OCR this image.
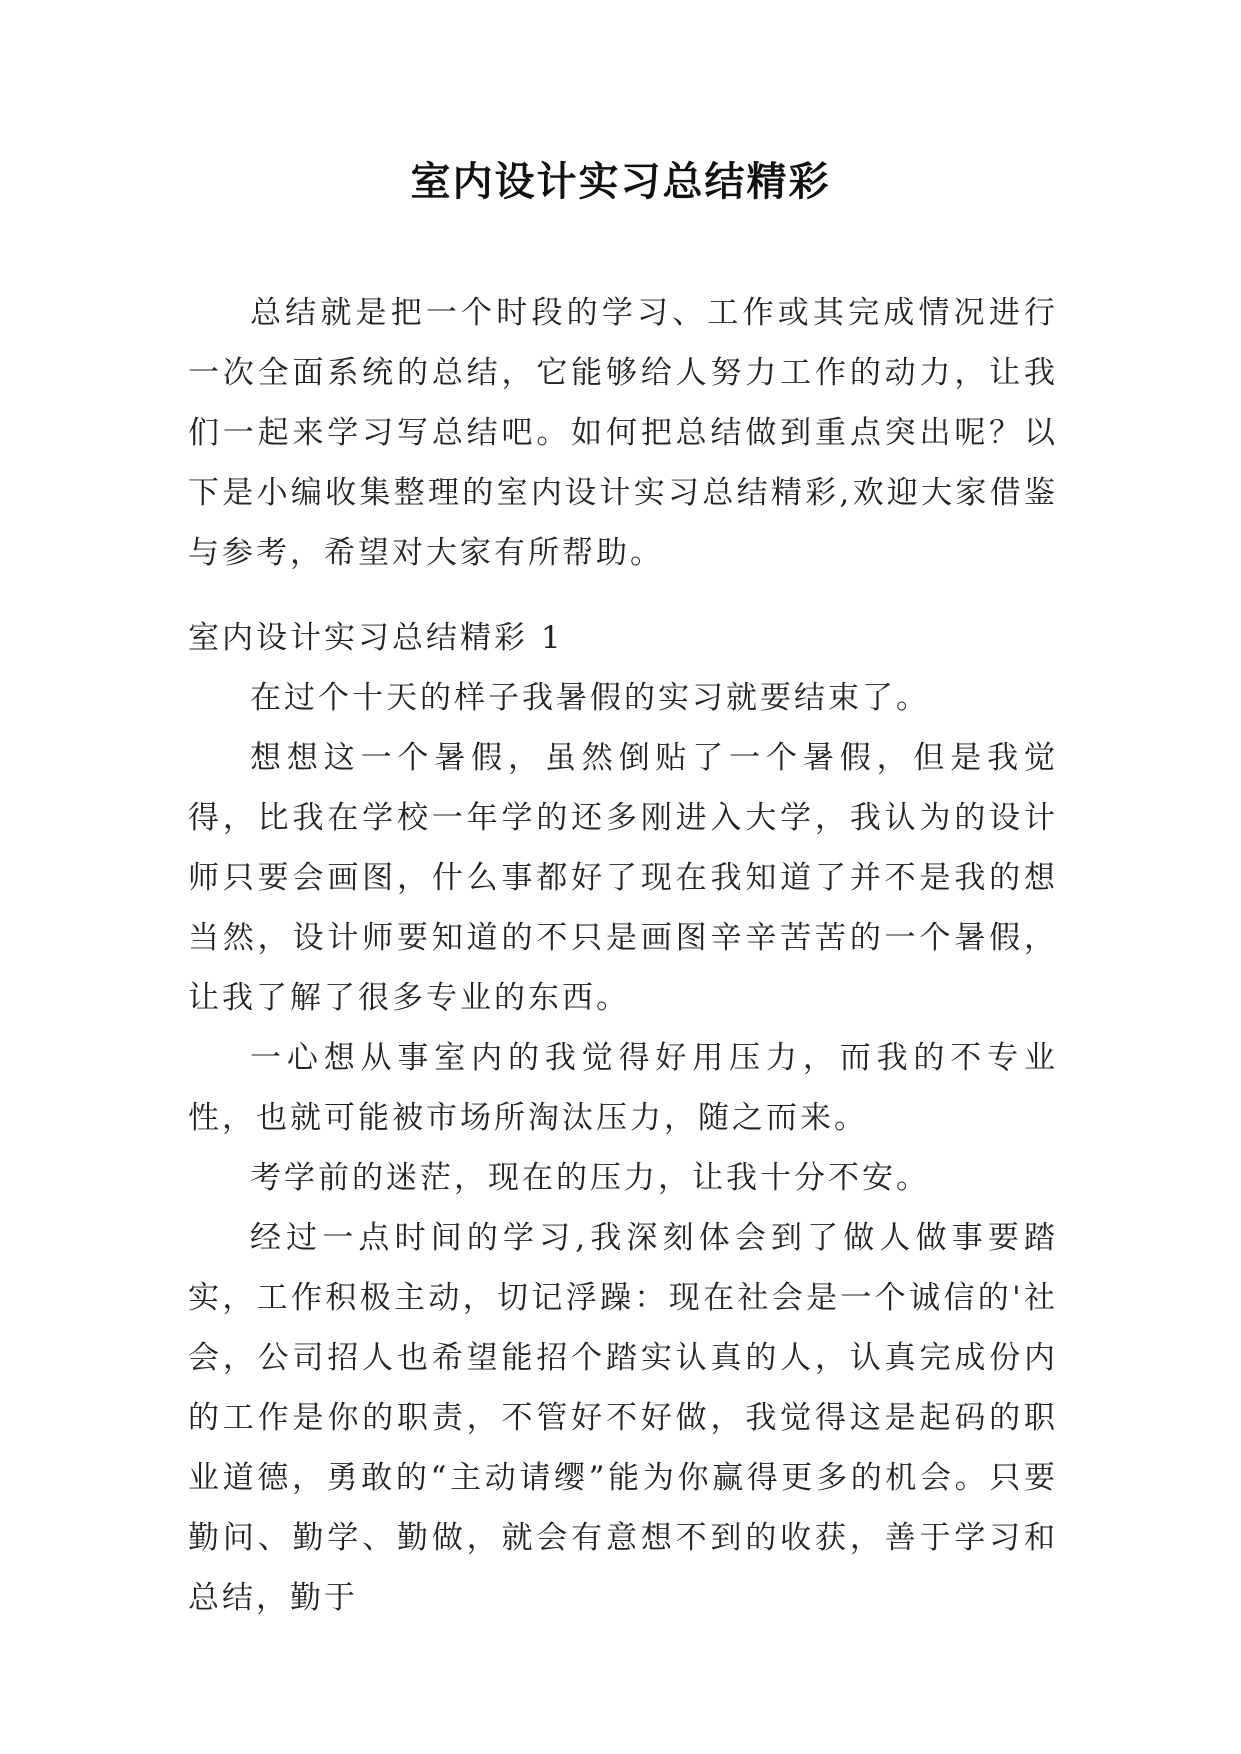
室内设计实习总结精彩

总结就是把一个时段的学习、工作或其完成情况进行一次全面系统的总结，它能够给人努力工作的动力，让我们一起来学习写总结吧。如何把总结做到重点突出呢？以下是小编收集整理的室内设计实习总结精彩,欢迎大家借鉴与参考，希望对大家有所帮助。

室内设计实习总结精彩 1

在过个十天的样子我暑假的实习就要结束了。

想想这一个暑假，虽然倒贴了一个暑假，但是我觉得，比我在学校一年学的还多刚进入大学，我认为的设计师只要会画图，什么事都好了现在我知道了并不是我的想当然，设计师要知道的不只是画图辛辛苦苦的一个暑假，让我了解了很多专业的东西。

一心想从事室内的我觉得好用压力，而我的不专业性，也就可能被市场所淘汰压力，随之而来。

考学前的迷茫，现在的压力，让我十分不安。

经过一点时间的学习,我深刻体会到了做人做事要踏实，工作积极主动，切记浮躁：现在社会是一个诚信的'社会，公司招人也希望能招个踏实认真的人，认真完成份内的工作是你的职责，不管好不好做，我觉得这是起码的职业道德，勇敢的“主动请缨”能为你赢得更多的机会。只要勤问、勤学、勤做，就会有意想不到的收获，善于学习和总结，勤于
